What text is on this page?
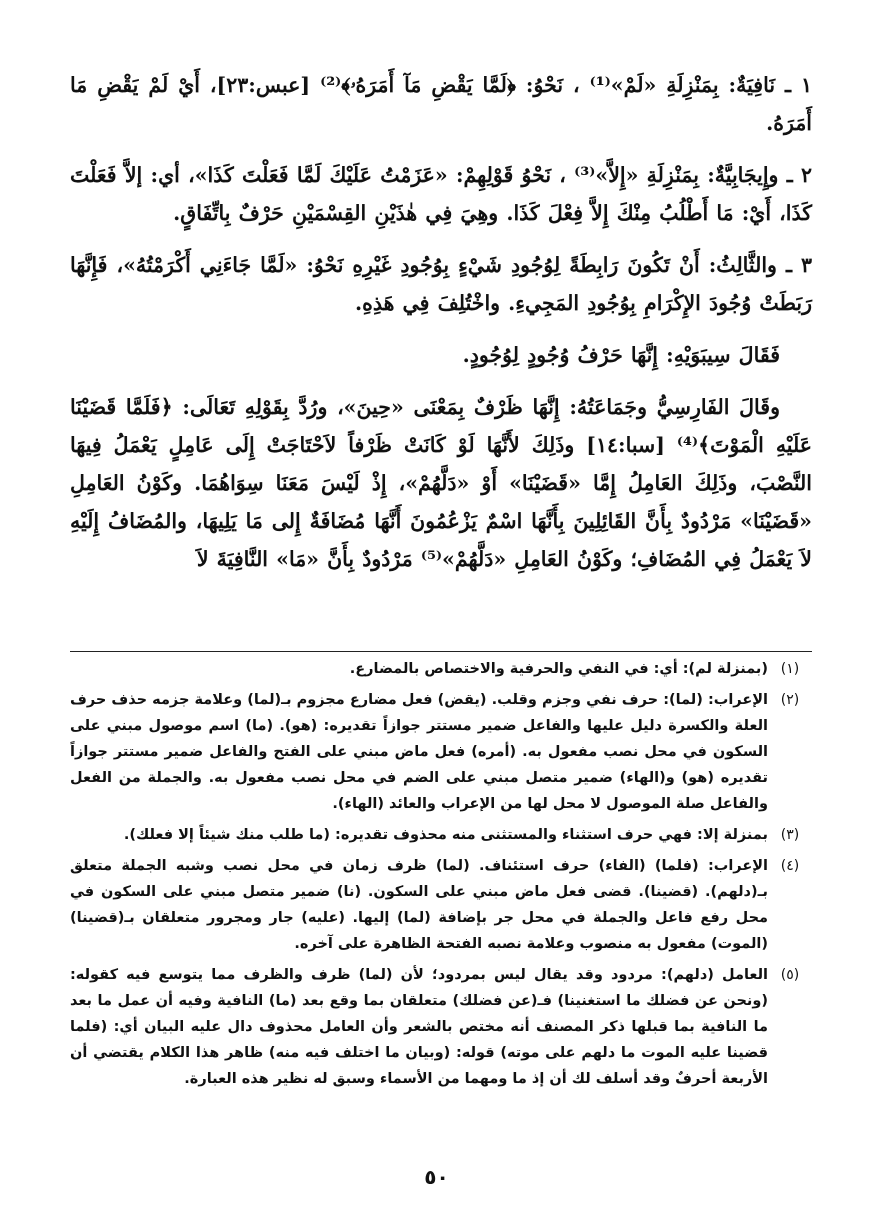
١ ـ نَافِيَةٌ: بِمَنْزِلَةِ «لَمْ»⁽¹⁾ ، نَحْوُ: ﴿لَمَّا يَقْضِ مَآ أَمَرَهُۥ﴾⁽²⁾ [عبس:٢٣]، أَيْ لَمْ يَقْضِ مَا أَمَرَهُ.

٢ ـ وإِيجَابِيَّةٌ: بِمَنْزِلَةِ «إِلاَّ»⁽³⁾ ، نَحْوُ قَوْلِهِمْ: «عَزَمْتُ عَلَيْكَ لَمَّا فَعَلْتَ كَذَا»، أي: إلاَّ فَعَلْتَ كَذَا، أَيْ: مَا أَطْلُبُ مِنْكَ إِلاَّ فِعْلَ كَذَا. وهِيَ فِي هٰذَيْنِ القِسْمَيْنِ حَرْفٌ بِاتِّفَاقٍ.

٣ ـ والثَّالِثُ: أَنْ تَكُونَ رَابِطَةً لِوُجُودِ شَيْءٍ بِوُجُودِ غَيْرِهِ نَحْوُ: «لَمَّا جَاءَنِي أَكْرَمْتُهُ»، فَإِنَّهَا رَبَطَتْ وُجُودَ الإِكْرَامِ بِوُجُودِ المَجِيءِ. واخْتُلِفَ فِي هَذِهِ.

فَقَالَ سِيبَوَيْهِ: إِنَّهَا حَرْفُ وُجُودٍ لِوُجُودٍ.

وقَالَ الفَارِسِيُّ وجَمَاعَتُهُ: إِنَّهَا ظَرْفٌ بِمَعْنَى «حِينَ»، ورُدَّ بِقَوْلِهِ تَعَالَى: ﴿فَلَمَّا قَضَيْنَا عَلَيْهِ الْمَوْتَ﴾⁽⁴⁾ [سبا:١٤] وذَلِكَ لأَنَّهَا لَوْ كَانَتْ ظَرْفاً لاَحْتَاجَتْ إِلَى عَامِلٍ يَعْمَلُ فِيهَا النَّصْبَ، وذَلِكَ العَامِلُ إِمَّا «قَضَيْنَا» أَوْ «دَلَّهُمْ»، إِذْ لَيْسَ مَعَنَا سِوَاهُمَا. وكَوْنُ العَامِلِ «قَضَيْنَا» مَرْدُودٌ بِأَنَّ القَائِلِينَ بِأَنَّهَا اسْمٌ يَزْعُمُونَ أَنَّهَا مُضَافَةٌ إِلى مَا يَلِيهَا، والمُضَافُ إِلَيْهِ لاَ يَعْمَلُ فِي المُضَافِ؛ وكَوْنُ العَامِلِ «دَلَّهُمْ»⁽⁵⁾ مَرْدُودٌ بِأَنَّ «مَا» النَّافِيَةَ لاَ

(١)
(بمنزلة لم): أي: في النفي والحرفية والاختصاص بالمضارع.
(٢)
الإعراب: (لما): حرف نفي وجزم وقلب. (يقض) فعل مضارع مجزوم بـ(لما) وعلامة جزمه حذف حرف العلة والكسرة دليل عليها والفاعل ضمير مستتر جوازاً تقديره: (هو). (ما) اسم موصول مبني على السكون في محل نصب مفعول به. (أمره) فعل ماض مبني على الفتح والفاعل ضمير مستتر جوازاً تقديره (هو) و(الهاء) ضمير متصل مبني على الضم في محل نصب مفعول به. والجملة من الفعل والفاعل صلة الموصول لا محل لها من الإعراب والعائد (الهاء).
(٣)
بمنزلة إلا: فهي حرف استثناء والمستثنى منه محذوف تقديره: (ما طلب منك شيئاً إلا فعلك).
(٤)
الإعراب: (فلما) (الفاء) حرف استئناف. (لما) ظرف زمان في محل نصب وشبه الجملة متعلق بـ(دلهم). (قضينا). قضى فعل ماض مبني على السكون. (نا) ضمير متصل مبني على السكون في محل رفع فاعل والجملة في محل جر بإضافة (لما) إليها. (عليه) جار ومجرور متعلقان بـ(قضينا) (الموت) مفعول به منصوب وعلامة نصبه الفتحة الظاهرة على آخره.
(٥)
العامل (دلهم): مردود وقد يقال ليس بمردود؛ لأن (لما) ظرف والظرف مما يتوسع فيه كقوله: (ونحن عن فضلك ما استغنينا) فـ(عن فضلك) متعلقان بما وقع بعد (ما) النافية وفيه أن عمل ما بعد ما النافية بما قبلها ذكر المصنف أنه مختص بالشعر وأن العامل محذوف دال عليه البيان أي: (فلما قضينا عليه الموت ما دلهم على موته) قوله: (وبيان ما اختلف فيه منه) ظاهر هذا الكلام يقتضي أن الأربعة أحرفٌ وقد أسلف لك أن إذ ما ومهما من الأسماء وسبق له نظير هذه العبارة.
٥٠
